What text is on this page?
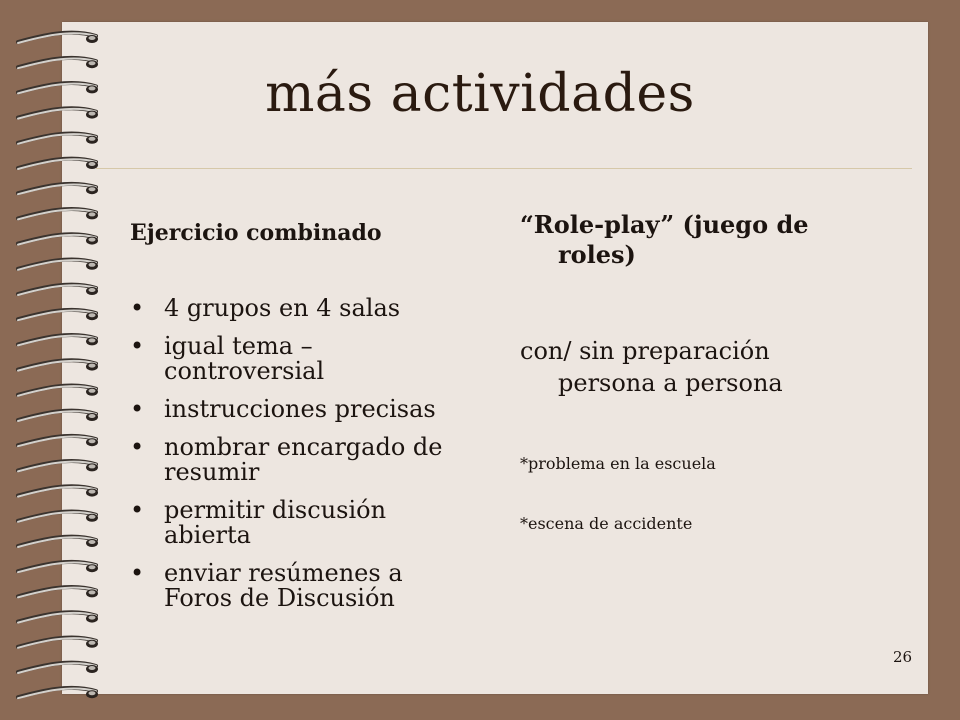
más actividades
Ejercicio combinado
• 4 grupos en 4 salas
• igual tema –
controversial
• instrucciones precisas
• nombrar encargado de
resumir
• permitir discusión
abierta
• enviar resúmenes a
Foros de Discusión
“Role-play” (juego de
roles)
con/ sin preparación
persona a persona
*problema en la escuela
*escena de accidente
26
